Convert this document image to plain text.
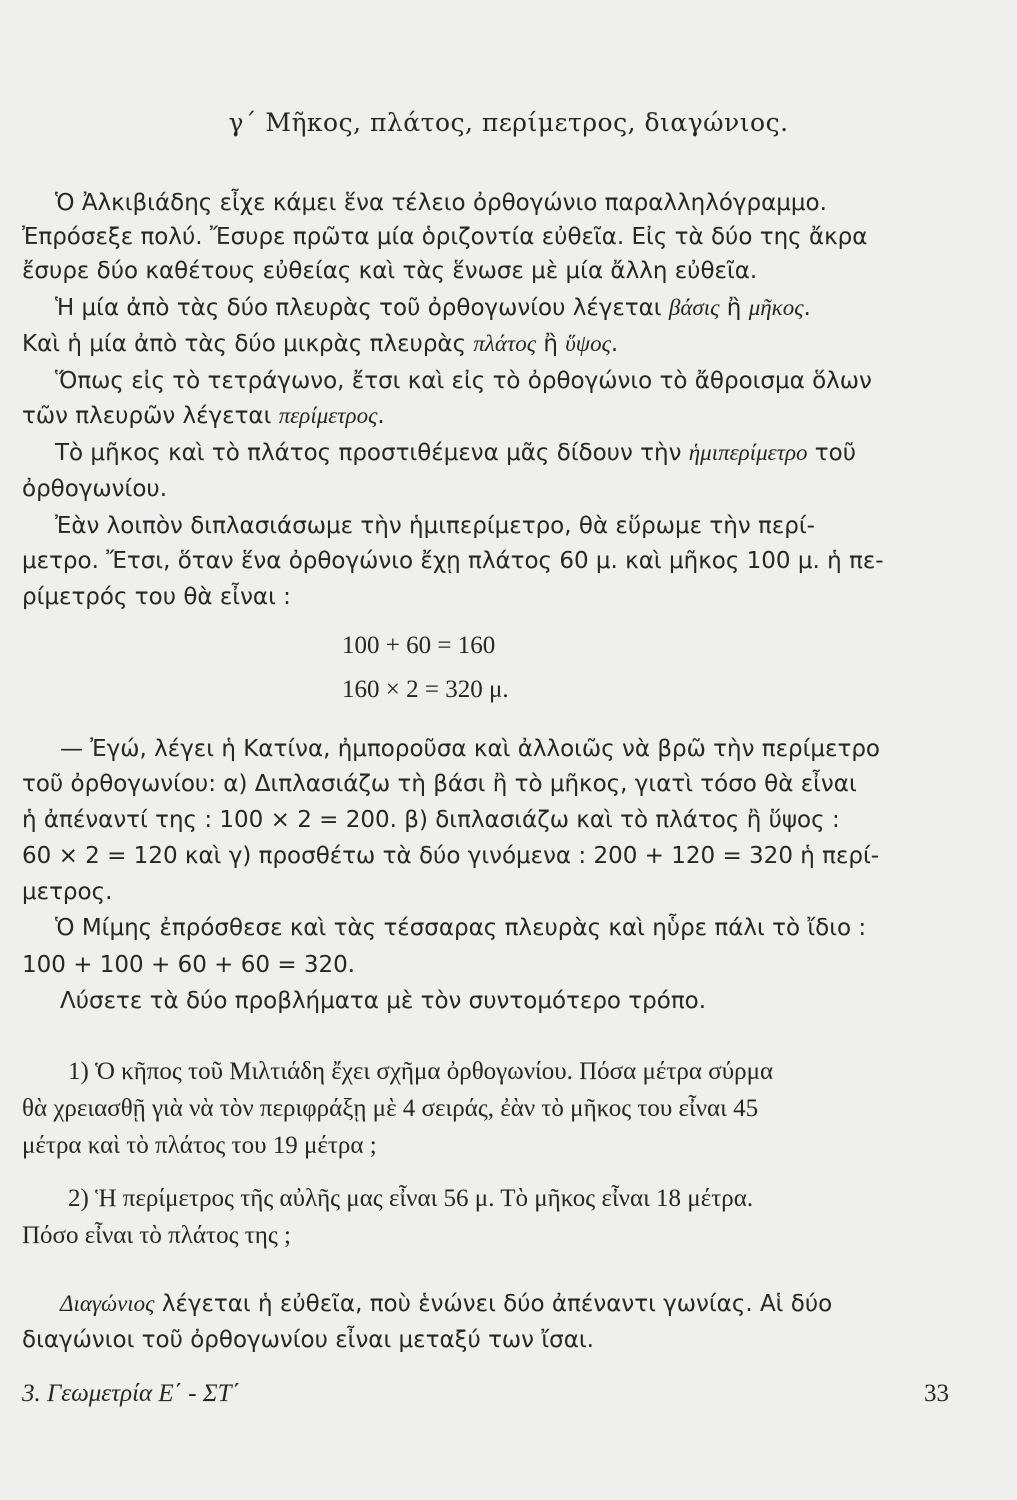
γ΄ Μῆκος, πλάτος, περίμετρος, διαγώνιος.
Ὁ Ἀλκιβιάδης εἶχε κάμει ἕνα τέλειο ὀρθογώνιο παραλληλόγραμμο.
Ἐπρόσεξε πολύ. Ἔσυρε πρῶτα μία ὁριζοντία εὐθεῖα. Εἰς τὰ δύο της ἄκρα
ἔσυρε δύο καθέτους εὐθείας καὶ τὰς ἕνωσε μὲ μία ἄλλη εὐθεῖα.
Ἡ μία ἀπὸ τὰς δύο πλευρὰς τοῦ ὀρθογωνίου λέγεται βάσις ἢ μῆκος.
Καὶ ἡ μία ἀπὸ τὰς δύο μικρὰς πλευρὰς πλάτος ἢ ὕψος.
Ὅπως εἰς τὸ τετράγωνο, ἔτσι καὶ εἰς τὸ ὀρθογώνιο τὸ ἄθροισμα ὅλων
τῶν πλευρῶν λέγεται περίμετρος.
Τὸ μῆκος καὶ τὸ πλάτος προστιθέμενα μᾶς δίδουν τὴν ἡμιπερίμετρο τοῦ
ὀρθογωνίου.
Ἐὰν λοιπὸν διπλασιάσωμε τὴν ἡμιπερίμετρο, θὰ εὕρωμε τὴν περί-
μετρο. Ἔτσι, ὅταν ἕνα ὀρθογώνιο ἔχῃ πλάτος 60 μ. καὶ μῆκος 100 μ. ἡ πε-
ρίμετρός του θὰ εἶναι :
100 + 60 = 160
160 × 2 = 320 μ.
— Ἐγώ, λέγει ἡ Κατίνα, ἠμποροῦσα καὶ ἀλλοιῶς νὰ βρῶ τὴν περίμετρο
τοῦ ὀρθογωνίου: α) Διπλασιάζω τὴ βάσι ἢ τὸ μῆκος, γιατὶ τόσο θὰ εἶναι
ἡ ἀπέναντί της : 100 × 2 = 200. β) διπλασιάζω καὶ τὸ πλάτος ἢ ὕψος :
60 × 2 = 120 καὶ γ) προσθέτω τὰ δύο γινόμενα : 200 + 120 = 320 ἡ περί-
μετρος.
Ὁ Μίμης ἐπρόσθεσε καὶ τὰς τέσσαρας πλευρὰς καὶ ηὗρε πάλι τὸ ἴδιο :
100 + 100 + 60 + 60 = 320.
Λύσετε τὰ δύο προβλήματα μὲ τὸν συντομότερο τρόπο.
1) Ὁ κῆπος τοῦ Μιλτιάδη ἔχει σχῆμα ὀρθογωνίου. Πόσα μέτρα σύρμα
θὰ χρειασθῇ γιὰ νὰ τὸν περιφράξῃ μὲ 4 σειράς, ἐὰν τὸ μῆκος του εἶναι 45
μέτρα καὶ τὸ πλάτος του 19 μέτρα ;
2) Ἡ περίμετρος τῆς αὐλῆς μας εἶναι 56 μ. Τὸ μῆκος εἶναι 18 μέτρα.
Πόσο εἶναι τὸ πλάτος της ;
Διαγώνιος λέγεται ἡ εὐθεῖα, ποὺ ἑνώνει δύο ἀπέναντι γωνίας. Αἱ δύο
διαγώνιοι τοῦ ὀρθογωνίου εἶναι μεταξύ των ἴσαι.
3. Γεωμετρία Ε΄ - ΣΤ΄	33
